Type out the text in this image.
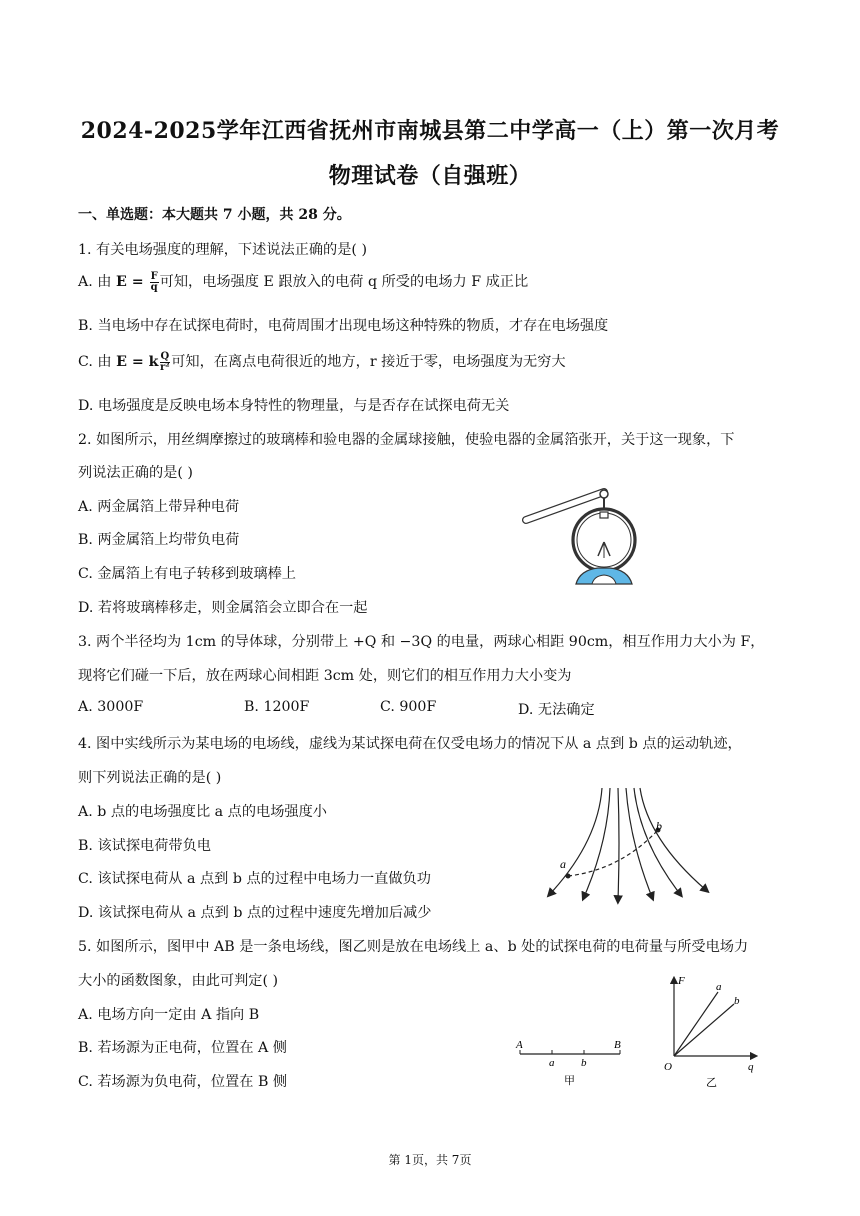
2024-2025学年江西省抚州市南城县第二中学高一（上）第一次月考
物理试卷（自强班）
一、单选题：本大题共 7 小题，共 28 分。
1. 有关电场强度的理解，下述说法正确的是( )
A. 由 $E = \frac{F}{q}$ 可知，电场强度 E 跟放入的电荷 q 所受的电场力 F 成正比
B. 当电场中存在试探电荷时，电荷周围才出现电场这种特殊的物质，才存在电场强度
C. 由 E = k $\frac{Q}{\text{r²}}$ 可知，在离点电荷很近的地方，r 接近于零，电场强度为无穷大
D. 电场强度是反映电场本身特性的物理量，与是否存在试探电荷无关
2. 如图所示，用丝绸摩擦过的玻璃棒和验电器的金属球接触，使验电器的金属箔张开，关于这一现象，下
列说法正确的是( )
A. 两金属箔上带异种电荷
B. 两金属箔上均带负电荷
C. 金属箔上有电子转移到玻璃棒上
D. 若将玻璃棒移走，则金属箔会立即合在一起
3. 两个半径均为 1cm 的导体球，分别带上 +Q 和 −3Q 的电量，两球心相距 90cm，相互作用力大小为 F，
现将它们碰一下后，放在两球心间相距 3cm 处，则它们的相互作用力大小变为
A. 3000F	B. 1200F	C. 900F	D. 无法确定
4. 图中实线所示为某电场的电场线，虚线为某试探电荷在仅受电场力的情况下从 a 点到 b 点的运动轨迹，
则下列说法正确的是( )
A. b 点的电场强度比 a 点的电场强度小
B. 该试探电荷带负电
C. 该试探电荷从 a 点到 b 点的过程中电场力一直做负功
D. 该试探电荷从 a 点到 b 点的过程中速度先增加后减少
a
b
5. 如图所示，图甲中 AB 是一条电场线，图乙则是放在电场线上 a、b 处的试探电荷的电荷量与所受电场力
大小的函数图象，由此可判定( )
A. 电场方向一定由 A 指向 B
B. 若场源为正电荷，位置在 A 侧
C. 若场源为负电荷，位置在 B 侧
A	B
a b
甲
F
O	q
a
b
乙
第 1页，共 7页
